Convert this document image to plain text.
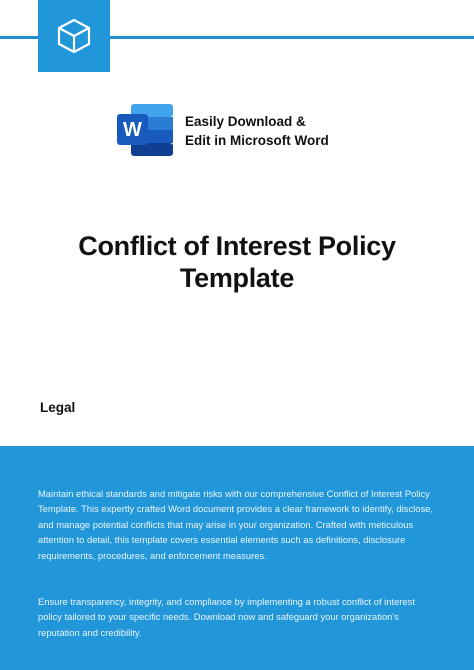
W	Easily Download &
Edit in Microsoft Word
Conflict of Interest Policy
Template
Legal

Maintain ethical standards and mitigate risks with our comprehensive Conflict of Interest Policy Template. This expertly crafted Word document provides a clear framework to identify, disclose, and manage potential conflicts that may arise in your organization. Crafted with meticulous attention to detail, this template covers essential elements such as definitions, disclosure requirements, procedures, and enforcement measures.

Ensure transparency, integrity, and compliance by implementing a robust conflict of interest policy tailored to your specific needs. Download now and safeguard your organization's reputation and credibility.
